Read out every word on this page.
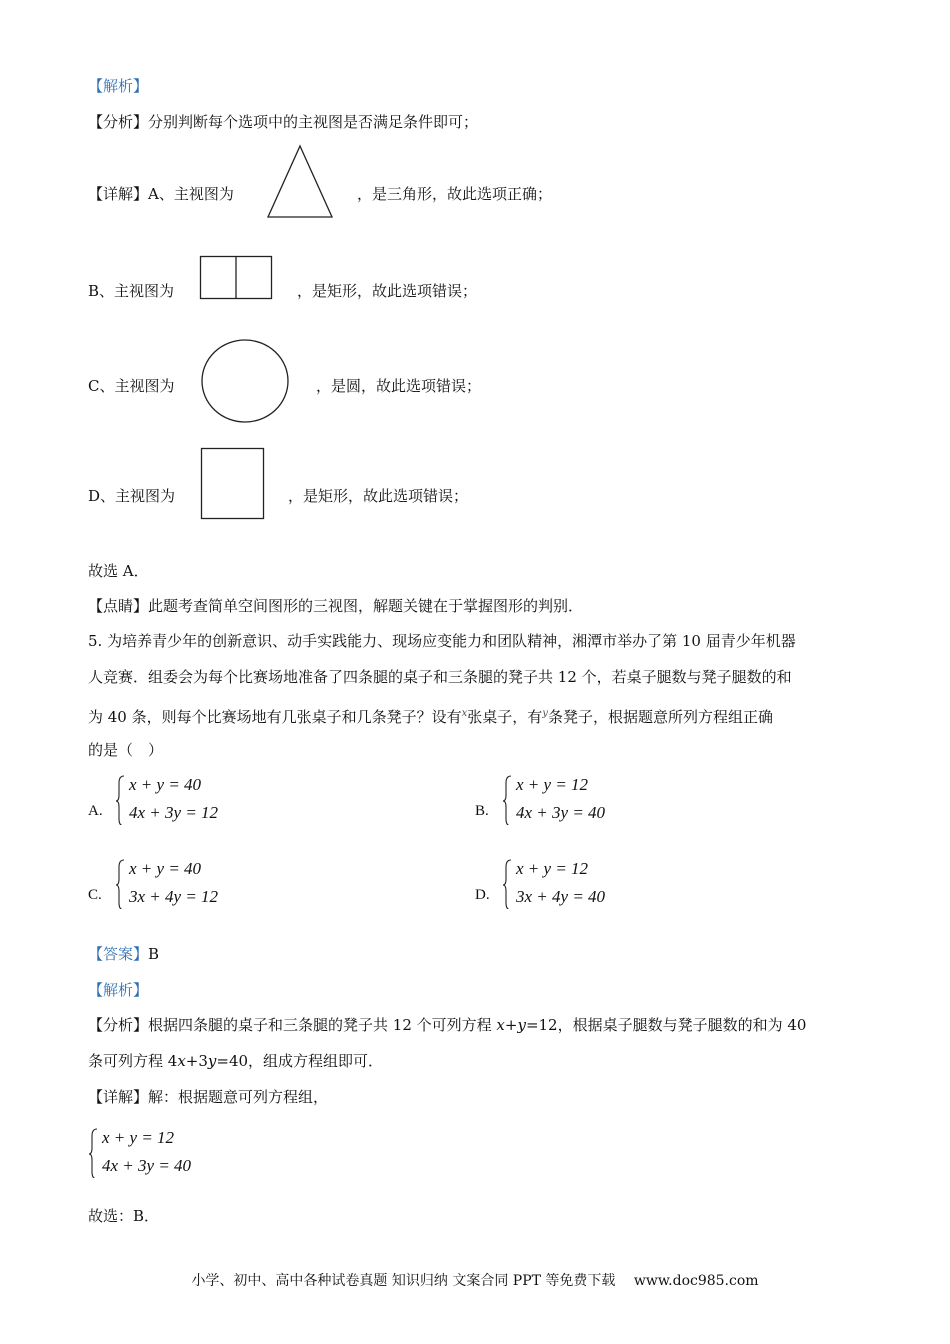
【解析】
【分析】分别判断每个选项中的主视图是否满足条件即可；
【详解】A、主视图为	，是三角形，故此选项正确；
B、主视图为	，是矩形，故此选项错误；
C、主视图为	，是圆，故此选项错误；
D、主视图为	，是矩形，故此选项错误；
故选 A．
【点睛】此题考查简单空间图形的三视图，解题关键在于掌握图形的判别．
5. 为培养青少年的创新意识、动手实践能力、现场应变能力和团队精神，湘潭市举办了第 10 届青少年机器
人竞赛．组委会为每个比赛场地准备了四条腿的桌子和三条腿的凳子共 12 个，若桌子腿数与凳子腿数的和
为 40 条，则每个比赛场地有几张桌子和几条凳子？设有$^x$张桌子，有$^y$条凳子，根据题意所列方程组正确
的是（　）
A.
x + y = 40
4x + 3y = 12	B.
x + y = 12
4x + 3y = 40
C.
x + y = 40
3x + 4y = 12	D.
x + y = 12
3x + 4y = 40
【答案】B
【解析】
【分析】根据四条腿的桌子和三条腿的凳子共 12 个可列方程 x+y=12，根据桌子腿数与凳子腿数的和为 40
条可列方程 4x+3y=40，组成方程组即可．
【详解】解：根据题意可列方程组，
x + y = 12
4x + 3y = 40
故选：B．
小学、初中、高中各种试卷真题 知识归纳 文案合同 PPT 等免费下载　 www.doc985.com
